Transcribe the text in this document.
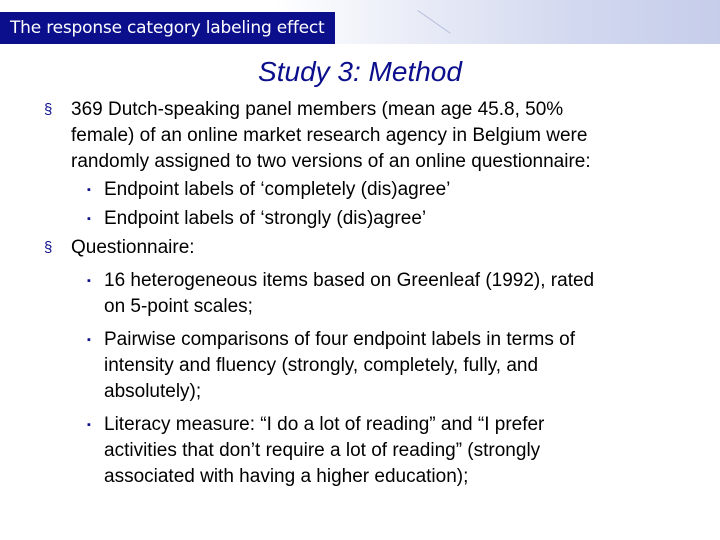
The response category labeling effect
Study 3: Method
§ 369 Dutch-speaking panel members (mean age 45.8, 50%
female) of an online market research agency in Belgium were
randomly assigned to two versions of an online questionnaire:
▪ Endpoint labels of ‘completely (dis)agree’
▪ Endpoint labels of ‘strongly (dis)agree’
§ Questionnaire:
▪ 16 heterogeneous items based on Greenleaf (1992), rated
on 5-point scales;
▪ Pairwise comparisons of four endpoint labels in terms of
intensity and fluency (strongly, completely, fully, and
absolutely);
▪ Literacy measure: “I do a lot of reading” and “I prefer
activities that don’t require a lot of reading” (strongly
associated with having a higher education);
